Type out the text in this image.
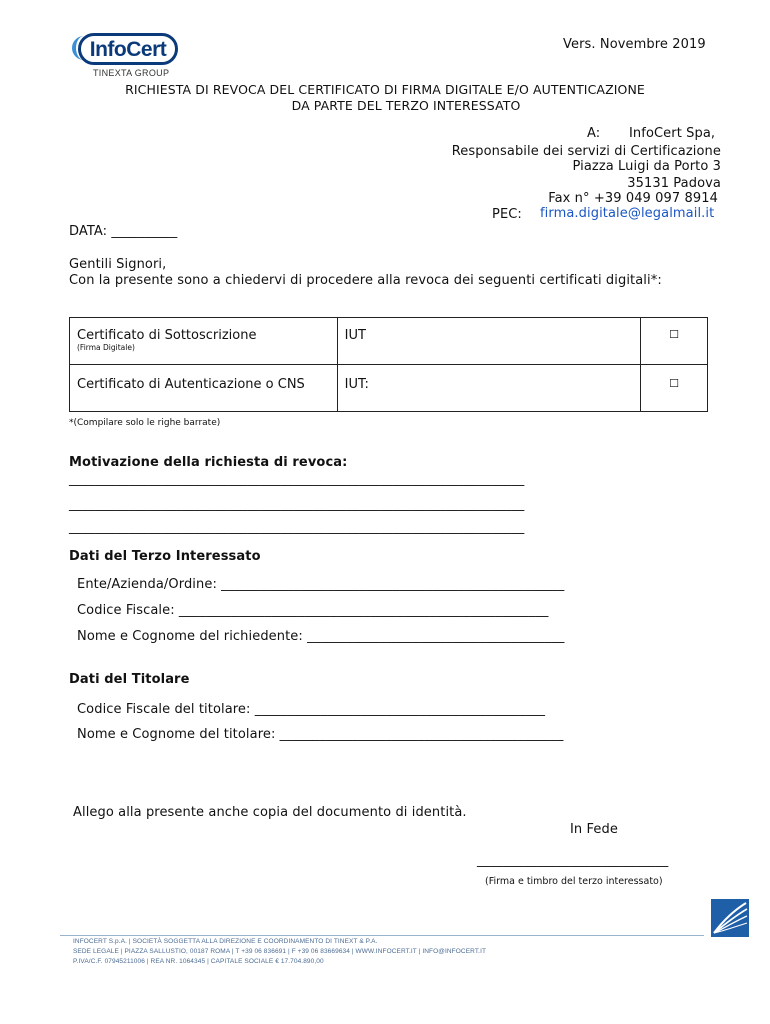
InfoCert
TINEXTA GROUP
Vers. Novembre 2019
RICHIESTA DI REVOCA DEL CERTIFICATO DI FIRMA DIGITALE E/O AUTENTICAZIONE
DA PARTE DEL TERZO INTERESSATO
A: InfoCert Spa,
Responsabile dei servizi di Certificazione
Piazza Luigi da Porto 3
35131 Padova
Fax n° +39 049 097 8914
PEC: firma.digitale@legalmail.it
DATA: __________
Gentili Signori,
Con la presente sono a chiedervi di procedere alla revoca dei seguenti certificati digitali*:
Certificato di Sottoscrizione
(Firma Digitale)	IUT	☐
Certificato di Autenticazione o CNS	IUT:	☐
*(Compilare solo le righe barrate)
Motivazione della richiesta di revoca:
_____________________________________________________________________
_____________________________________________________________________
_____________________________________________________________________
Dati del Terzo Interessato
Ente/Azienda/Ordine: ____________________________________________________
Codice Fiscale: ________________________________________________________
Nome e Cognome del richiedente: _______________________________________
Dati del Titolare
Codice Fiscale del titolare: ____________________________________________
Nome e Cognome del titolare: ___________________________________________
Allego alla presente anche copia del documento di identità.
In Fede
_____________________________
(Firma e timbro del terzo interessato)
INFOCERT S.p.A. | SOCIETÀ SOGGETTA ALLA DIREZIONE E COORDINAMENTO DI TINEXT & P.A.
SEDE LEGALE | PIAZZA SALLUSTIO, 00187 ROMA | T +39 06 836691 | F +39 06 83669634 | WWW.INFOCERT.IT | INFO@INFOCERT.IT
P.IVA/C.F. 07945211006 | REA NR. 1064345 | CAPITALE SOCIALE € 17.704.890,00
